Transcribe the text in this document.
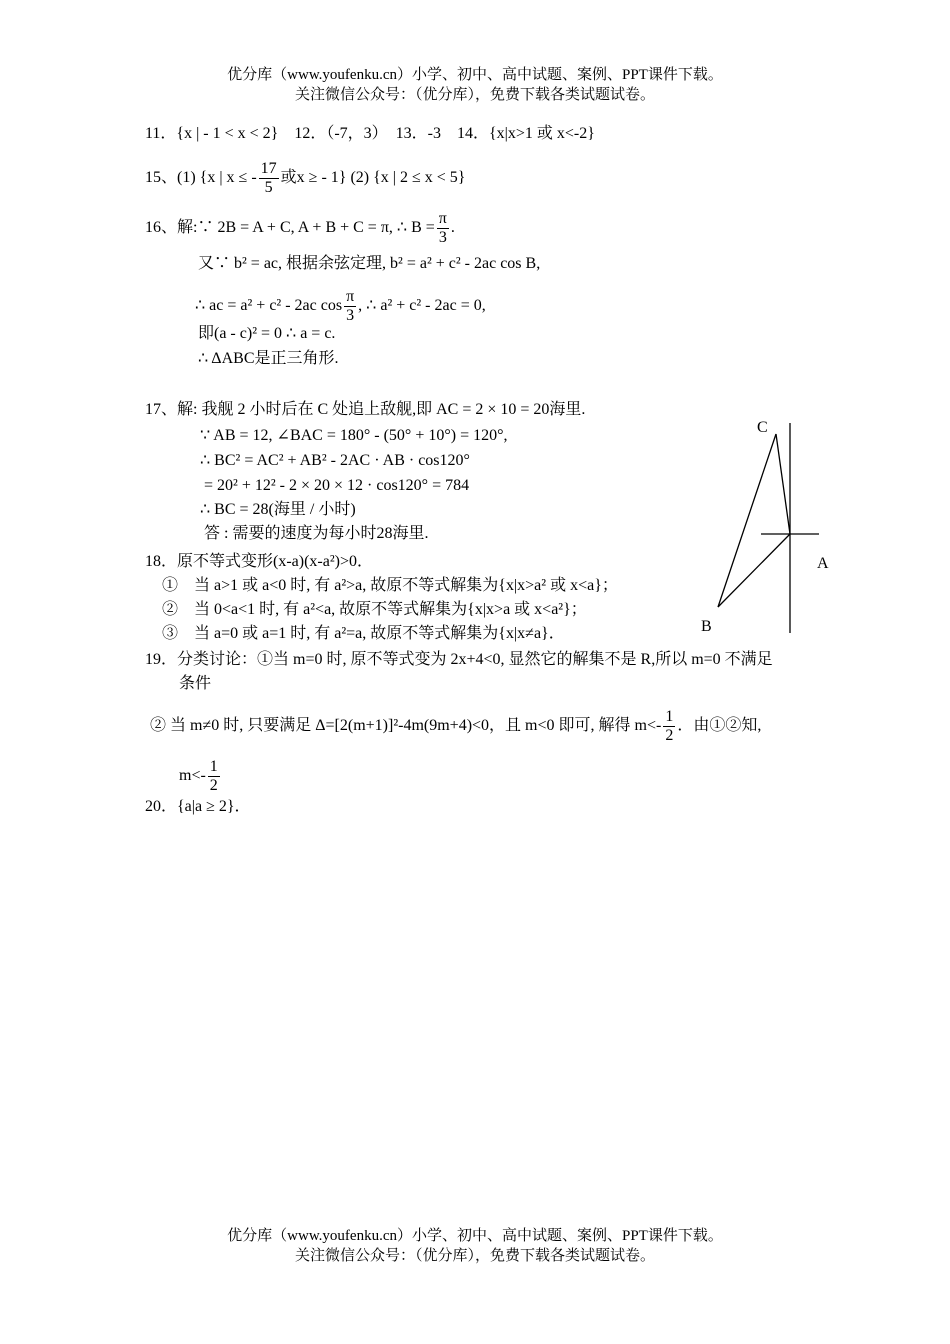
优分库（www.youfenku.cn）小学、初中、高中试题、案例、PPT课件下载。
关注微信公众号：（优分库），免费下载各类试题试卷。
11．{x | - 1 < x < 2}　12．（-7，3）　13．-3　14．{x|x>1 或 x<-2}
15、(1) {x | x ≤ - $\frac{17}{5}$ 或x ≥ - 1} (2) {x | 2 ≤ x < 5}
16、解:∵ 2B = A + C, A + B + C = π, ∴ $B = \frac{\pi}{3}$ .
又∵ b² = ac, 根据余弦定理, b² = a² + c² - 2ac cos B,
∴ ac = a² + c² - 2ac $\cos \frac{\pi}{3}$ , ∴ a² + c² - 2ac = 0,
即(a - c)² = 0 ∴ a = c.
∴ ΔABC是正三角形.
17、解: 我舰 2 小时后在 C 处追上敌舰,即 AC = 2 × 10 = 20海里.
∵ AB = 12, ∠BAC = 180° - (50° + 10°) = 120°,
∴ BC² = AC² + AB² - 2AC · AB · cos120°
= 20² + 12² - 2 × 20 × 12 · cos120° = 784
∴ BC = 28(海里 / 小时)
答 : 需要的速度为每小时28海里.
C
A
B
18．原不等式变形(x-a)(x-a²)>0．
①　当 a>1 或 a<0 时, 有 a²>a, 故原不等式解集为{x|x>a² 或 x<a}；
②　当 0<a<1 时, 有 a²<a, 故原不等式解集为{x|x>a 或 x<a²}；
③　当 a=0 或 a=1 时, 有 a²=a, 故原不等式解集为{x|x≠a}．
19．分类讨论：①当 m=0 时, 原不等式变为 2x+4<0, 显然它的解集不是 R,所以 m=0 不满足
条件
② 当 m≠0 时, 只要满足 Δ=[2(m+1)]²-4m(9m+4)<0，且 m<0 即可, 解得 $m<- \frac{1}{2}$ ．由①②知,
$m<- \frac{1}{2}$
20．{a|a ≥ 2}．
优分库（www.youfenku.cn）小学、初中、高中试题、案例、PPT课件下载。
关注微信公众号：（优分库），免费下载各类试题试卷。
